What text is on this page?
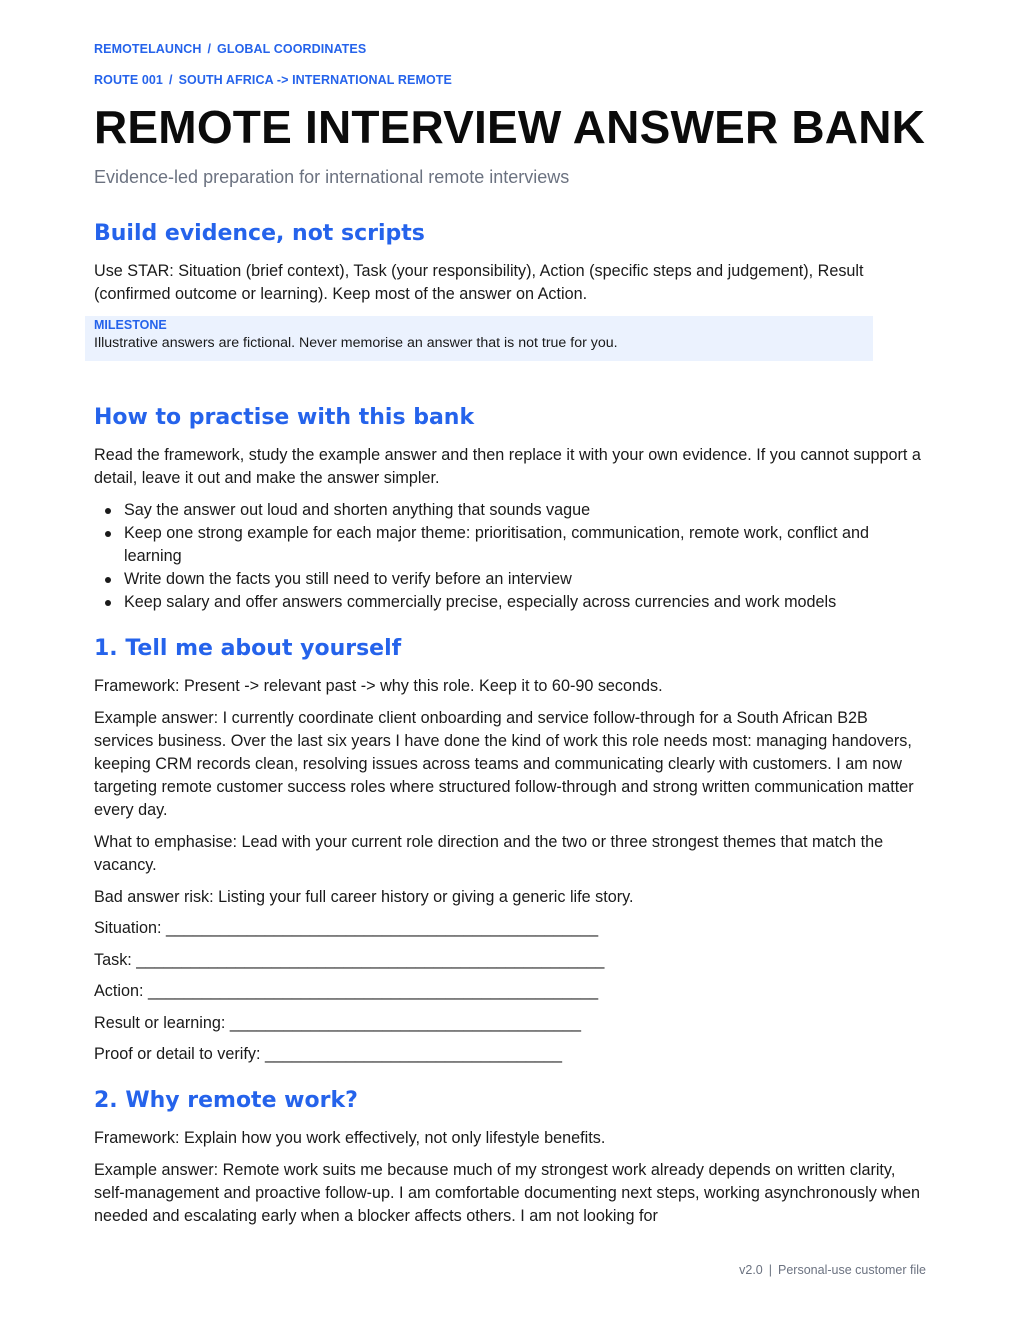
REMOTELAUNCH / GLOBAL COORDINATES
ROUTE 001 / SOUTH AFRICA -> INTERNATIONAL REMOTE
REMOTE INTERVIEW ANSWER BANK
Evidence-led preparation for international remote interviews
Build evidence, not scripts

Use STAR: Situation (brief context), Task (your responsibility), Action (specific steps and judgement), Result (confirmed outcome or learning). Keep most of the answer on Action.

MILESTONE
Illustrative answers are fictional. Never memorise an answer that is not true for you.
How to practise with this bank

Read the framework, study the example answer and then replace it with your own evidence. If you cannot support a detail, leave it out and make the answer simpler.

Say the answer out loud and shorten anything that sounds vague
Keep one strong example for each major theme: prioritisation, communication, remote work, conflict and learning
Write down the facts you still need to verify before an interview
Keep salary and offer answers commercially precise, especially across currencies and work models
1. Tell me about yourself

Framework: Present -> relevant past -> why this role. Keep it to 60-90 seconds.

Example answer: I currently coordinate client onboarding and service follow-through for a South African B2B services business. Over the last six years I have done the kind of work this role needs most: managing handovers, keeping CRM records clean, resolving issues across teams and communicating clearly with customers. I am now targeting remote customer success roles where structured follow-through and strong written communication matter every day.

What to emphasise: Lead with your current role direction and the two or three strongest themes that match the vacancy.

Bad answer risk: Listing your full career history or giving a generic life story.

Situation: ________________________________________________

Task: ____________________________________________________

Action: __________________________________________________

Result or learning: _______________________________________

Proof or detail to verify: _________________________________

2. Why remote work?

Framework: Explain how you work effectively, not only lifestyle benefits.

Example answer: Remote work suits me because much of my strongest work already depends on written clarity, self-management and proactive follow-up. I am comfortable documenting next steps, working asynchronously when needed and escalating early when a blocker affects others. I am not looking for

v2.0 | Personal-use customer file
